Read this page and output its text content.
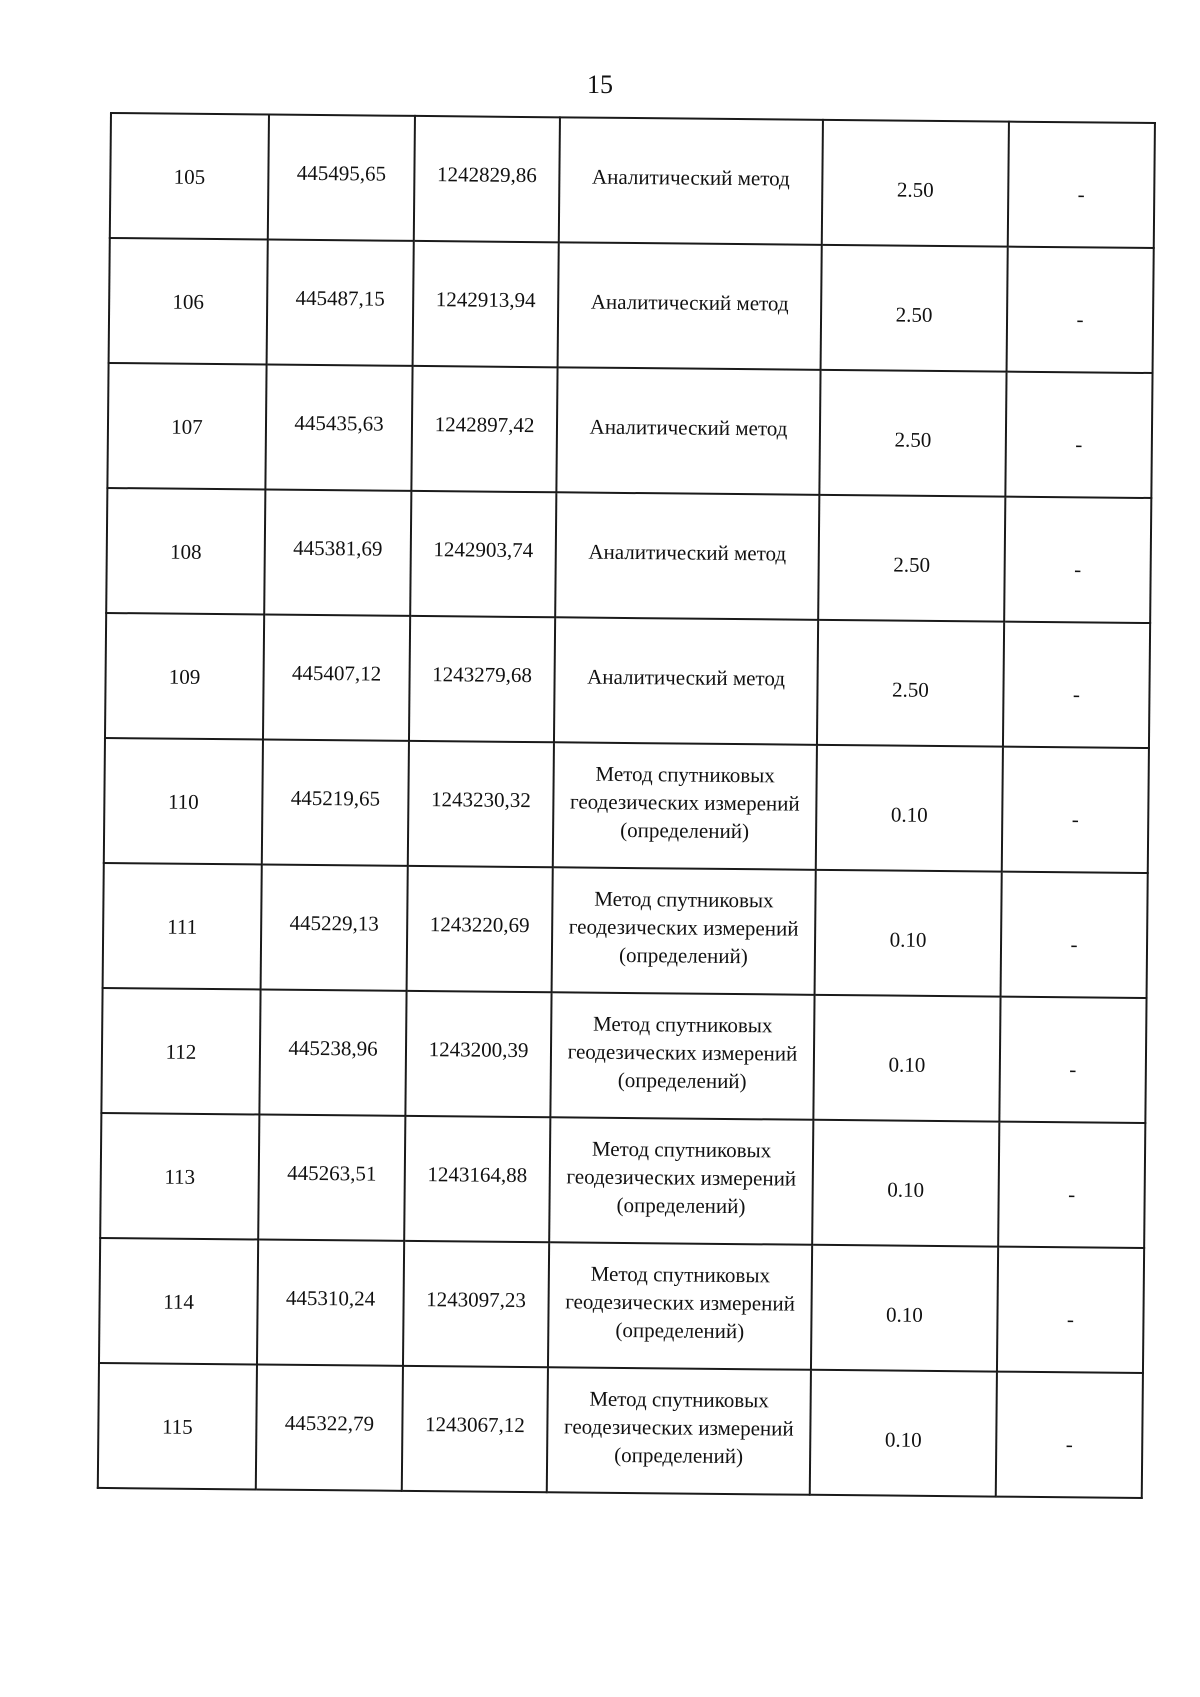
15
105	445495,65	1242829,86	Аналитический метод	2.50	-
106	445487,15	1242913,94	Аналитический метод	2.50	-
107	445435,63	1242897,42	Аналитический метод	2.50	-
108	445381,69	1242903,74	Аналитический метод	2.50	-
109	445407,12	1243279,68	Аналитический метод	2.50	-
110	445219,65	1243230,32	Метод спутниковых геодезических измерений (определений)	0.10	-
111	445229,13	1243220,69	Метод спутниковых геодезических измерений (определений)	0.10	-
112	445238,96	1243200,39	Метод спутниковых геодезических измерений (определений)	0.10	-
113	445263,51	1243164,88	Метод спутниковых геодезических измерений (определений)	0.10	-
114	445310,24	1243097,23	Метод спутниковых геодезических измерений (определений)	0.10	-
115	445322,79	1243067,12	Метод спутниковых геодезических измерений (определений)	0.10	-
